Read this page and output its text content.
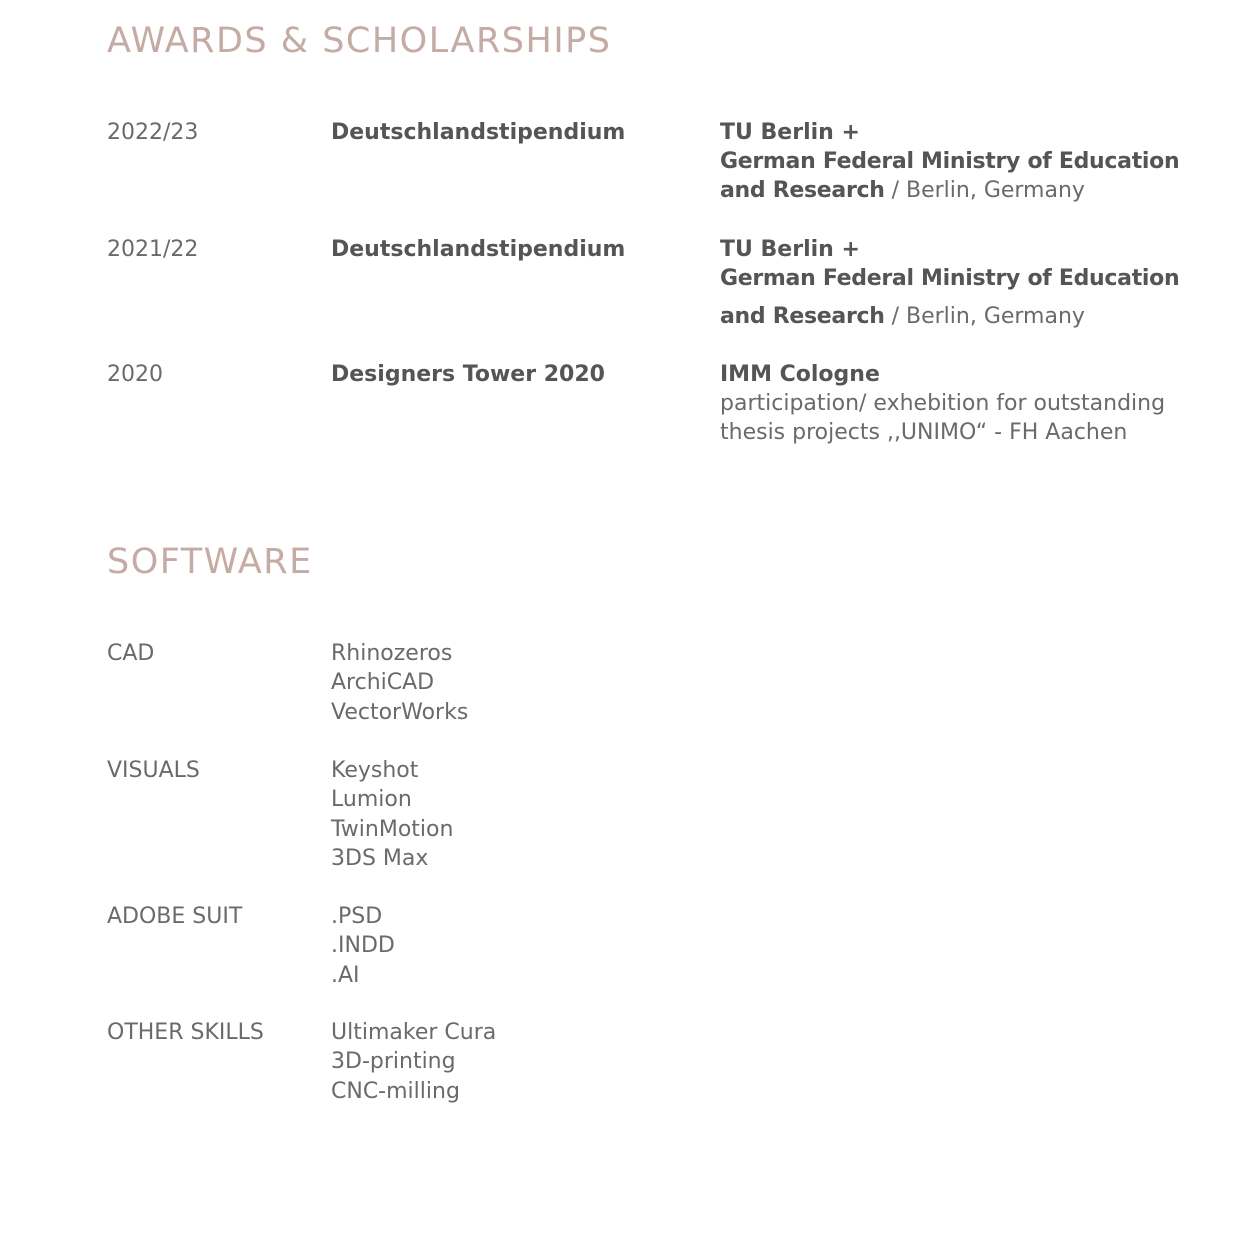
AWARDS & SCHOLARSHIPS
2022/23	Deutschlandstipendium	TU Berlin +
German Federal Ministry of Education
and Research / Berlin, Germany
2021/22	Deutschlandstipendium	TU Berlin +
German Federal Ministry of Education
and Research / Berlin, Germany
2020	Designers Tower 2020	IMM Cologne
participation/ exhebition for outstanding
thesis projects ,,UNIMO“ - FH Aachen
SOFTWARE
CAD	Rhinozeros
ArchiCAD
VectorWorks
VISUALS	Keyshot
Lumion
TwinMotion
3DS Max
ADOBE SUIT	.PSD
.INDD
.AI
OTHER SKILLS	Ultimaker Cura
3D-printing
CNC-milling
